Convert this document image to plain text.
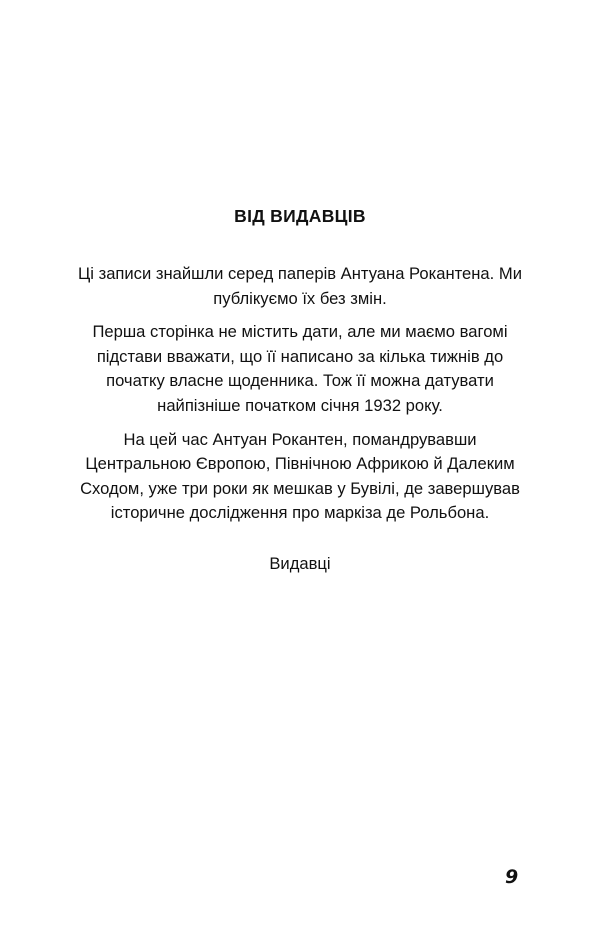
ВІД ВИДАВЦІВ

Ці записи знайшли серед паперів Антуана Рокантена. Ми публікуємо їх без змін.

Перша сторінка не містить дати, але ми маємо вагомі підстави вважати, що її написано за кілька тижнів до початку власне щоденника. Тож її можна датувати найпізніше початком січня 1932 року.

На цей час Антуан Рокантен, помандрувавши Центральною Європою, Північною Африкою й Далеким Сходом, уже три роки як мешкав у Бувілі, де завершував історичне дослідження про маркіза де Рольбона.

Видавці

9
